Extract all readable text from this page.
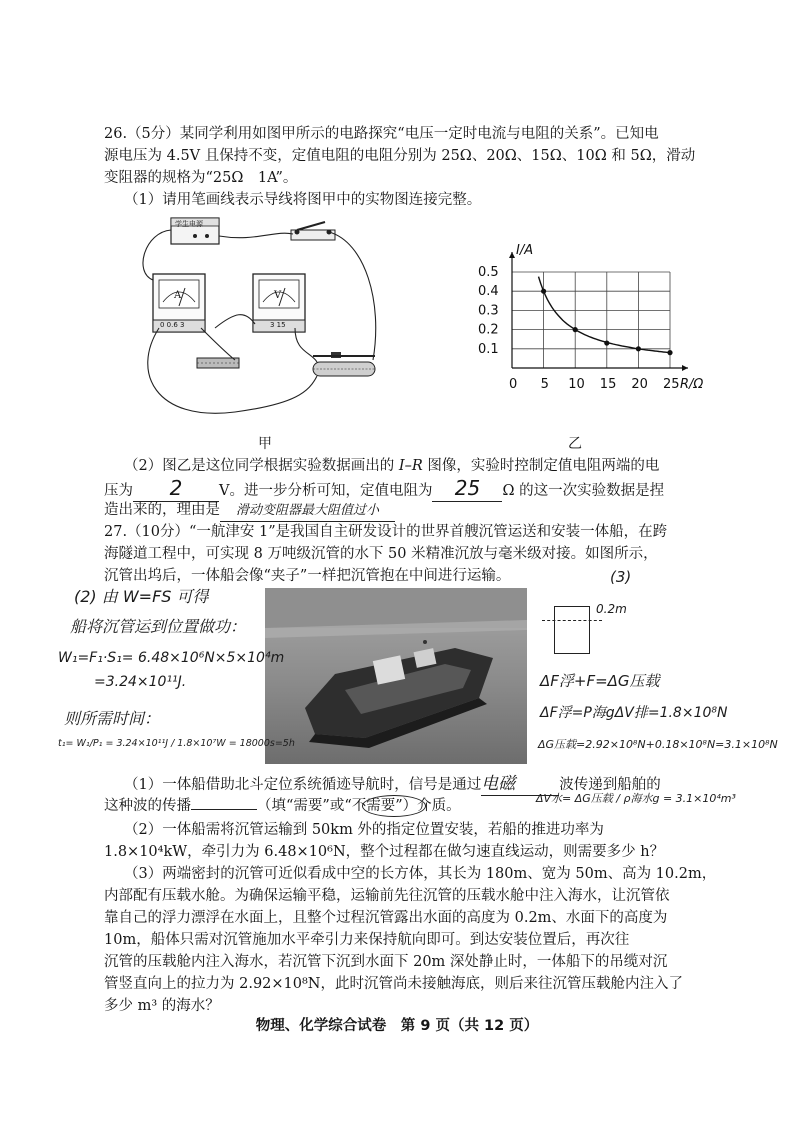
26.（5分）某同学利用如图甲所示的电路探究“电压一定时电流与电阻的关系”。已知电
源电压为 4.5V 且保持不变，定值电阻的电阻分别为 25Ω、20Ω、15Ω、10Ω 和 5Ω，滑动
变阻器的规格为“25Ω　1A”。
（1）请用笔画线表示导线将图甲中的实物图连接完整。
学生电源
A	V
0 0.6 3	3 15
甲
0 5 10 15 20 25
0.1
0.2
0.3
0.4
0.5
R/Ω
I/A
乙
（2）图乙是这位同学根据实验数据画出的 I–R 图像，实验时控制定值电阻两端的电
压为 2	V。进一步分析可知，定值电阻为 25 Ω 的这一次实验数据是捏
造出来的，理由是 滑动变阻器最大阻值过小
27.（10分）“一航津安 1”是我国自主研发设计的世界首艘沉管运送和安装一体船，在跨
海隧道工程中，可实现 8 万吨级沉管的水下 50 米精准沉放与毫米级对接。如图所示，
沉管出坞后，一体船会像“夹子”一样把沉管抱在中间进行运输。
（1）一体船借助北斗定位系统循迹导航时，信号是通过电磁	波传递到船舶的
这种波的传播	（填“需要”或“不需要”）介质。
（2）一体船需将沉管运输到 50km 外的指定位置安装，若船的推进功率为
1.8×10⁴kW，牵引力为 6.48×10⁶N，整个过程都在做匀速直线运动，则需要多少 h？
（3）两端密封的沉管可近似看成中空的长方体，其长为 180m、宽为 50m、高为 10.2m，
内部配有压载水舱。为确保运输平稳，运输前先往沉管的压载水舱中注入海水，让沉管依
靠自己的浮力漂浮在水面上，且整个过程沉管露出水面的高度为 0.2m、水面下的高度为
10m，船体只需对沉管施加水平牵引力来保持航向即可。到达安装位置后，再次往
沉管的压载舱内注入海水，若沉管下沉到水面下 20m 深处静止时，一体船下的吊缆对沉
管竖直向上的拉力为 2.92×10⁸N，此时沉管尚未接触海底，则后来往沉管压载舱内注入了
多少 m³ 的海水？
(2) 由 W=FS 可得
船将沉管运到位置做功：
W₁=F₁·S₁= 6.48×10⁶N×5×10⁴m
=3.24×10¹¹J.
则所需时间：
t₁= W₁/P₁ = 3.24×10¹¹J / 1.8×10⁷W = 18000s=5h
(3)
0.2m
ΔF浮+F=ΔG压载
ΔF浮=P海gΔV排=1.8×10⁸N
ΔG压载=2.92×10⁸N+0.18×10⁸N=3.1×10⁸N
ΔV水= ΔG压载 / ρ海水g = 3.1×10⁴m³
物理、化学综合试卷　第 9 页（共 12 页）
